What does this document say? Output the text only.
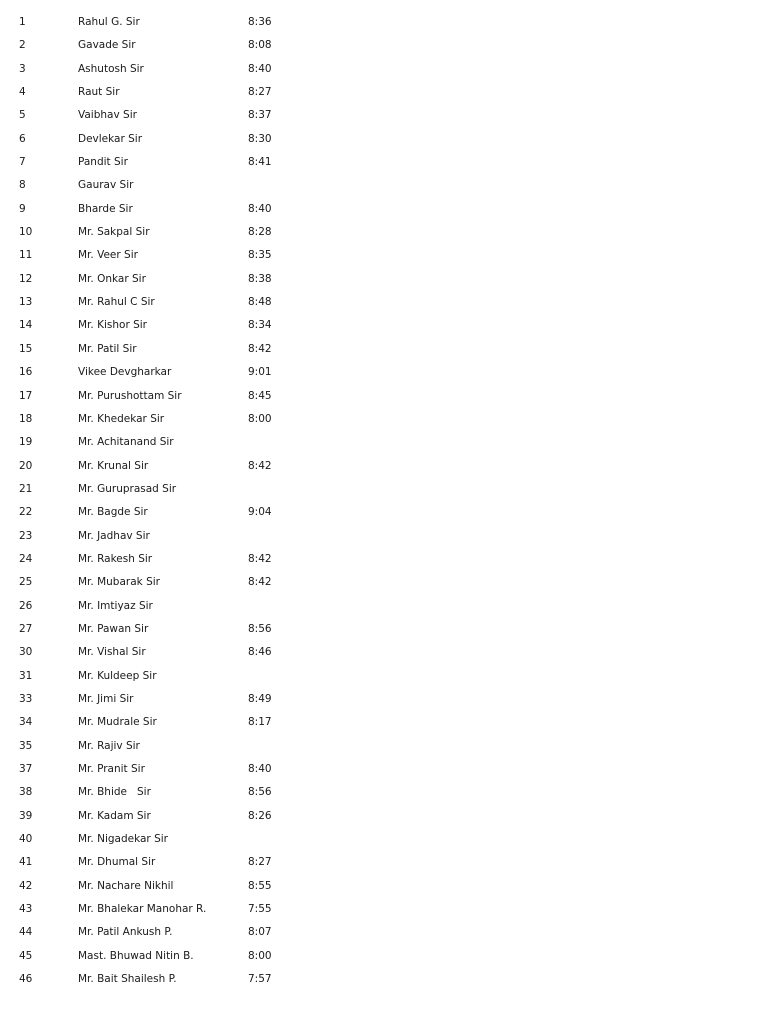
1	Rahul G. Sir	8:36
2	Gavade Sir	8:08
3	Ashutosh Sir	8:40
4	Raut Sir	8:27
5	Vaibhav Sir	8:37
6	Devlekar Sir	8:30
7	Pandit Sir	8:41
8	Gaurav Sir
9	Bharde Sir	8:40
10	Mr. Sakpal Sir	8:28
11	Mr. Veer Sir	8:35
12	Mr. Onkar Sir	8:38
13	Mr. Rahul C Sir	8:48
14	Mr. Kishor Sir	8:34
15	Mr. Patil Sir	8:42
16	Vikee Devgharkar	9:01
17	Mr. Purushottam Sir	8:45
18	Mr. Khedekar Sir	8:00
19	Mr. Achitanand Sir
20	Mr. Krunal Sir	8:42
21	Mr. Guruprasad Sir
22	Mr. Bagde Sir	9:04
23	Mr. Jadhav Sir
24	Mr. Rakesh Sir	8:42
25	Mr. Mubarak Sir	8:42
26	Mr. Imtiyaz Sir
27	Mr. Pawan Sir	8:56
30	Mr. Vishal Sir	8:46
31	Mr. Kuldeep Sir
33	Mr. Jimi Sir	8:49
34	Mr. Mudrale Sir	8:17
35	Mr. Rajiv Sir
37	Mr. Pranit Sir	8:40
38	Mr. Bhide   Sir	8:56
39	Mr. Kadam Sir	8:26
40	Mr. Nigadekar Sir
41	Mr. Dhumal Sir	8:27
42	Mr. Nachare Nikhil	8:55
43	Mr. Bhalekar Manohar R.	7:55
44	Mr. Patil Ankush P.	8:07
45	Mast. Bhuwad Nitin B.	8:00
46	Mr. Bait Shailesh P.	7:57
